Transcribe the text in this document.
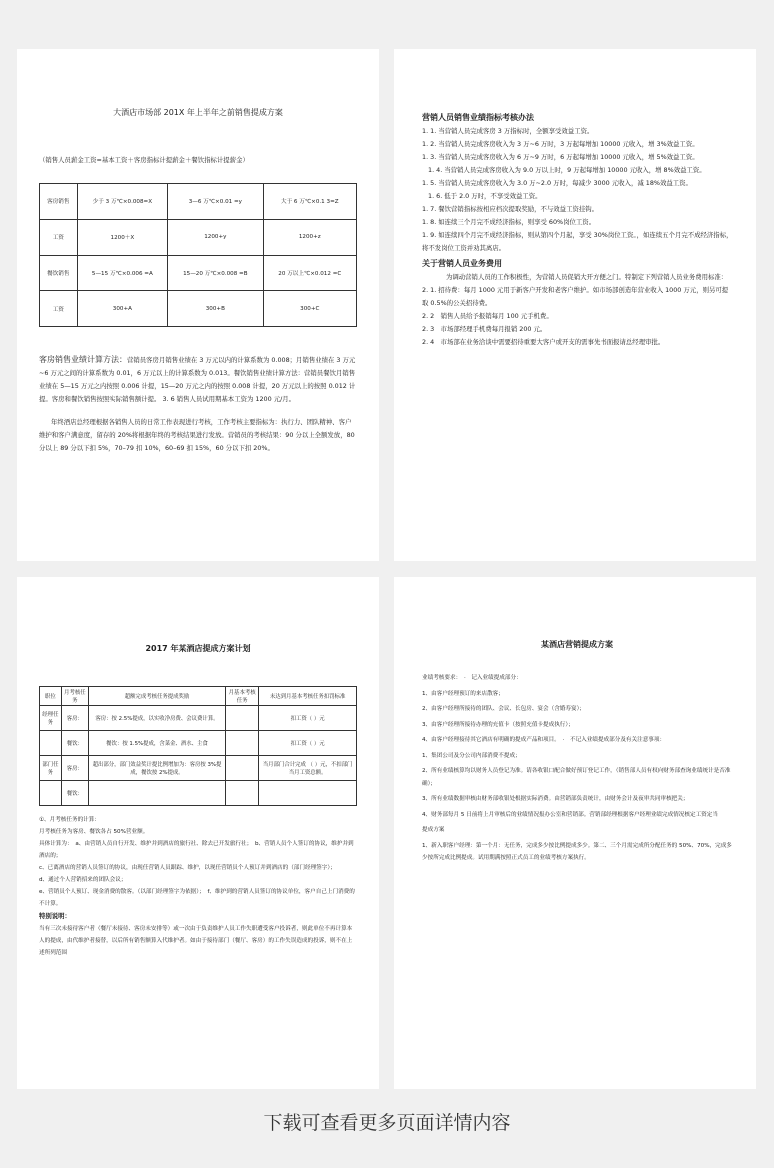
大酒店市场部 201X 年上半年之前销售提成方案

（销售人员薪金工资=基本工资＋客房指标计提薪金＋餐饮指标计提薪金）

客房销售	少于 3 万℃×0.008=X	3—6 万℃×0.01 =y	大于 6 万℃×0.1 3=Z
工资	1200＋X	1200+y	1200+z
餐饮销售	5—15 万℃×0.006 =A	15—20 万℃×0.008 =B	20 万以上℃×0.012 =C
工资	300+A	300+B	300+C

客房销售业绩计算方法：营销员客房月销售业绩在 3 万元以内的计算系数为 0.008；月销售业绩在 3 万元~6 万元之间的计算系数为 0.01，6 万元以上的计算系数为 0.013。餐饮销售业绩计算方法：营销员餐饮月销售业绩在 5—15 万元之内按照 0.006 计提，15—20 万元之内的按照 0.008 计提，20 万元以上的按照 0.012 计提。客房和餐饮销售按照实际销售额计提。 3. 6 销售人员试用期基本工资为 1200 元/月。

年终酒店总经理根据各销售人员的日常工作表现进行考核，工作考核主要指标为：执行力、团队精神、客户维护和客户满意度，留存的 20%将根据年终的考核结果进行发放。营销员的考核结果：90 分以上全额发放，80 分以上 89 分以下扣 5%，70–79 扣 10%，60–69 扣 15%，60 分以下扣 20%。

营销人员销售业绩指标考核办法

1. 1. 当营销人员完成客房 3 万指标时，全额享受效益工资。

1. 2. 当营销人员完成客房收入为 3 万~6 万时，3 万起每增加 10000 元收入，增 3%效益工资。

1. 3. 当营销人员完成客房收入为 6 万~9 万时，6 万起每增加 10000 元收入，增 5%效益工资。

1. 4. 当营销人员完成客房收入为 9.0 万以上时，9 万起每增加 10000 元收入，增 8%效益工资。

1. 5. 当营销人员完成客房收入为 3.0 万~2.0 万时，每减少 3000 元收入，减 18%效益工资。

1. 6. 低于 2.0 万时，不享受效益工资。

1. 7. 餐饮营销指标按相应档次提取奖励，不与效益工资挂钩。

1. 8. 如连续三个月完不成经济指标，则享受 60%岗位工资。

1. 9. 如连续四个月完不成经济指标，则从第四个月起，享受 30%岗位工资。，如连续五个月完不成经济指标，将不发岗位工资并劝其离店。

关于营销人员业务费用

为调动营销人员的工作积极性，为营销人员促销大开方便之门。特制定下列营销人员业务费用标准：

2. 1. 招待费：每月 1000 元用于新客户开发和老客户维护。如市场部创造年营业收入 1000 万元，则另可提取 0.5%的公关招待费。

2. 2　销售人员给予报销每月 100 元手机费。

2. 3　市场部经理手机费每月报销 200 元。

2. 4　市场部在业务洽谈中需要招待重要大客户或开支的需事先书面报请总经理审批。

2017 年某酒店提成方案计划

职位	月考核任务	超额完成考核任务提成奖励	月基本考核任务	未达到月基本考核任务扣罚标准
经理任务	客房：	客房：按 2.5%提成，以实收净房费、会议费计算。		扣工资（ ）元
	餐饮：	餐饮：按 1.5%提成，含菜金、酒水、主食		扣工资（ ）元
部门任务	客房：	超出部分，部门效益奖计提比例增加为：客房按 3%提成，餐饮按 2%提成。		当月部门合计完成 （ ）元，不扣部门当月工资总额。
	餐饮：			

①、月考核任务的计算：

月考核任务为客房、餐饮各占 50%营业额。

具体计算为：　a、由营销人员自行开发、维护并到酒店的旅行社、除去已开发旅行社；　b、营销人员个人签订的协议，维护并到酒店的；

c、已离酒店的营销人员签订的协议，由现任营销人员跟踪、维护，以现任营销员个人预订并到酒店的（部门经理签字）；

d、通过个人营销招来的团队会议；

e、营销员个人预订、现金消费的散客。（以部门经理签字为依据）；　f、维护到的营销人员签订的协议单位，客户自己上门消费的不计算。

特别说明：

当有三次未接待客户者（餐厅未接待、客房未安排等）或一次由于负责维护人员工作失职遭受客户投诉者，则此单位不再计算本人的提成，由代维护者接替，以后所有销售额算入代维护者。如由于接待部门（餐厅、客房）的工作失误造成的投诉，则不在上述所列范围

某酒店营销提成方案

业绩考核要求：　·　记入业绩提成部分：

1、由客户经理预订的来店散客；

2、由客户经理所接待的团队、会议、长包房、宴会（含婚寿宴）；

3、由客户经理所接待办理的充值卡（按照充值卡提成执行）；

4、由客户经理接待其它酒店有明确的提成产品和项目。　·　不记入业绩提成部分及有关注意事项：

1、集团公司及分公司内部消费不提成；

2、所有业绩核算均以财务人员登记为准。请各收银口配合做好预订登记工作，（销售部人员有权向财务部查询业绩统计是否准确）；

3、所有业绩数据审核由财务部收银处根据实际消费。由营销部负责统计，由财务会计及夜审共同审核把关；

4、财务部每月 5 日前将上月审核后的业绩情况报办公室和营销部。营销部经理根据客户经理业绩完成情况核定工资定当

提成方案

1、新入职客户经理：第一个月：无任务，完成多少按比例提成多少。第二、三个月需完成所分配任务的 50%、70%，完成多少按所完成比例提成。试用期满按照正式员工的业绩考核方案执行。

下载可查看更多页面详情内容
